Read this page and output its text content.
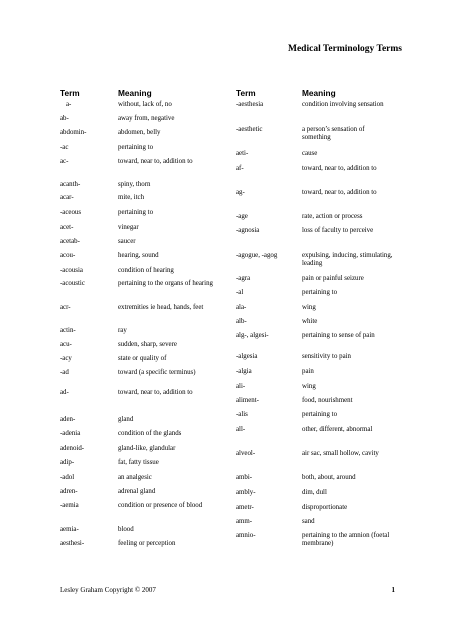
Medical Terminology Terms
Term	Meaning
a-	without, lack of, no
ab-	away from, negative
abdomin-	abdomen, belly
-ac	pertaining to
ac-	toward, near to, addition to
acanth-	spiny, thorn
acar-	mite, itch
-aceous	pertaining to
acet-	vinegar
acetab-	saucer
acou-	hearing, sound
-acousia	condition of hearing
-acoustic	pertaining to the organs of hearing
acr-	extremities ie head, hands, feet
actin-	ray
acu-	sudden, sharp, severe
-acy	state or quality of
-ad	toward (a specific terminus)
ad-	toward, near to, addition to
aden-	gland
-adenia	condition of the glands
adenoid-	gland-like, glandular
adip-	fat, fatty tissue
-adol	an analgesic
adren-	adrenal gland
-aemia	condition or presence of blood
aemia-	blood
aesthesi-	feeling or perception
Term	Meaning
-aesthesia	condition involving sensation
-aesthetic	a person’s sensation of something
aeti-	cause
af-	toward, near to, addition to
ag-	toward, near to, addition to
-age	rate, action or process
-agnosia	loss of faculty to perceive
-agogue, -agog	expulsing, inducing, stimulating, leading
-agra	pain or painful seizure
-al	pertaining to
ala-	wing
alb-	white
alg-, algesi-	pertaining to sense of pain
-algesia	sensitivity to pain
-algia	pain
ali-	wing
aliment-	food, nourishment
-alis	pertaining to
all-	other, different, abnormal
alveol-	air sac, small hollow, cavity
ambi-	both, about, around
ambly-	dim, dull
ametr-	disproportionate
amm-	sand
amnio-	pertaining to the amnion (foetal membrane)
Lesley Graham Copyright © 2007	1
